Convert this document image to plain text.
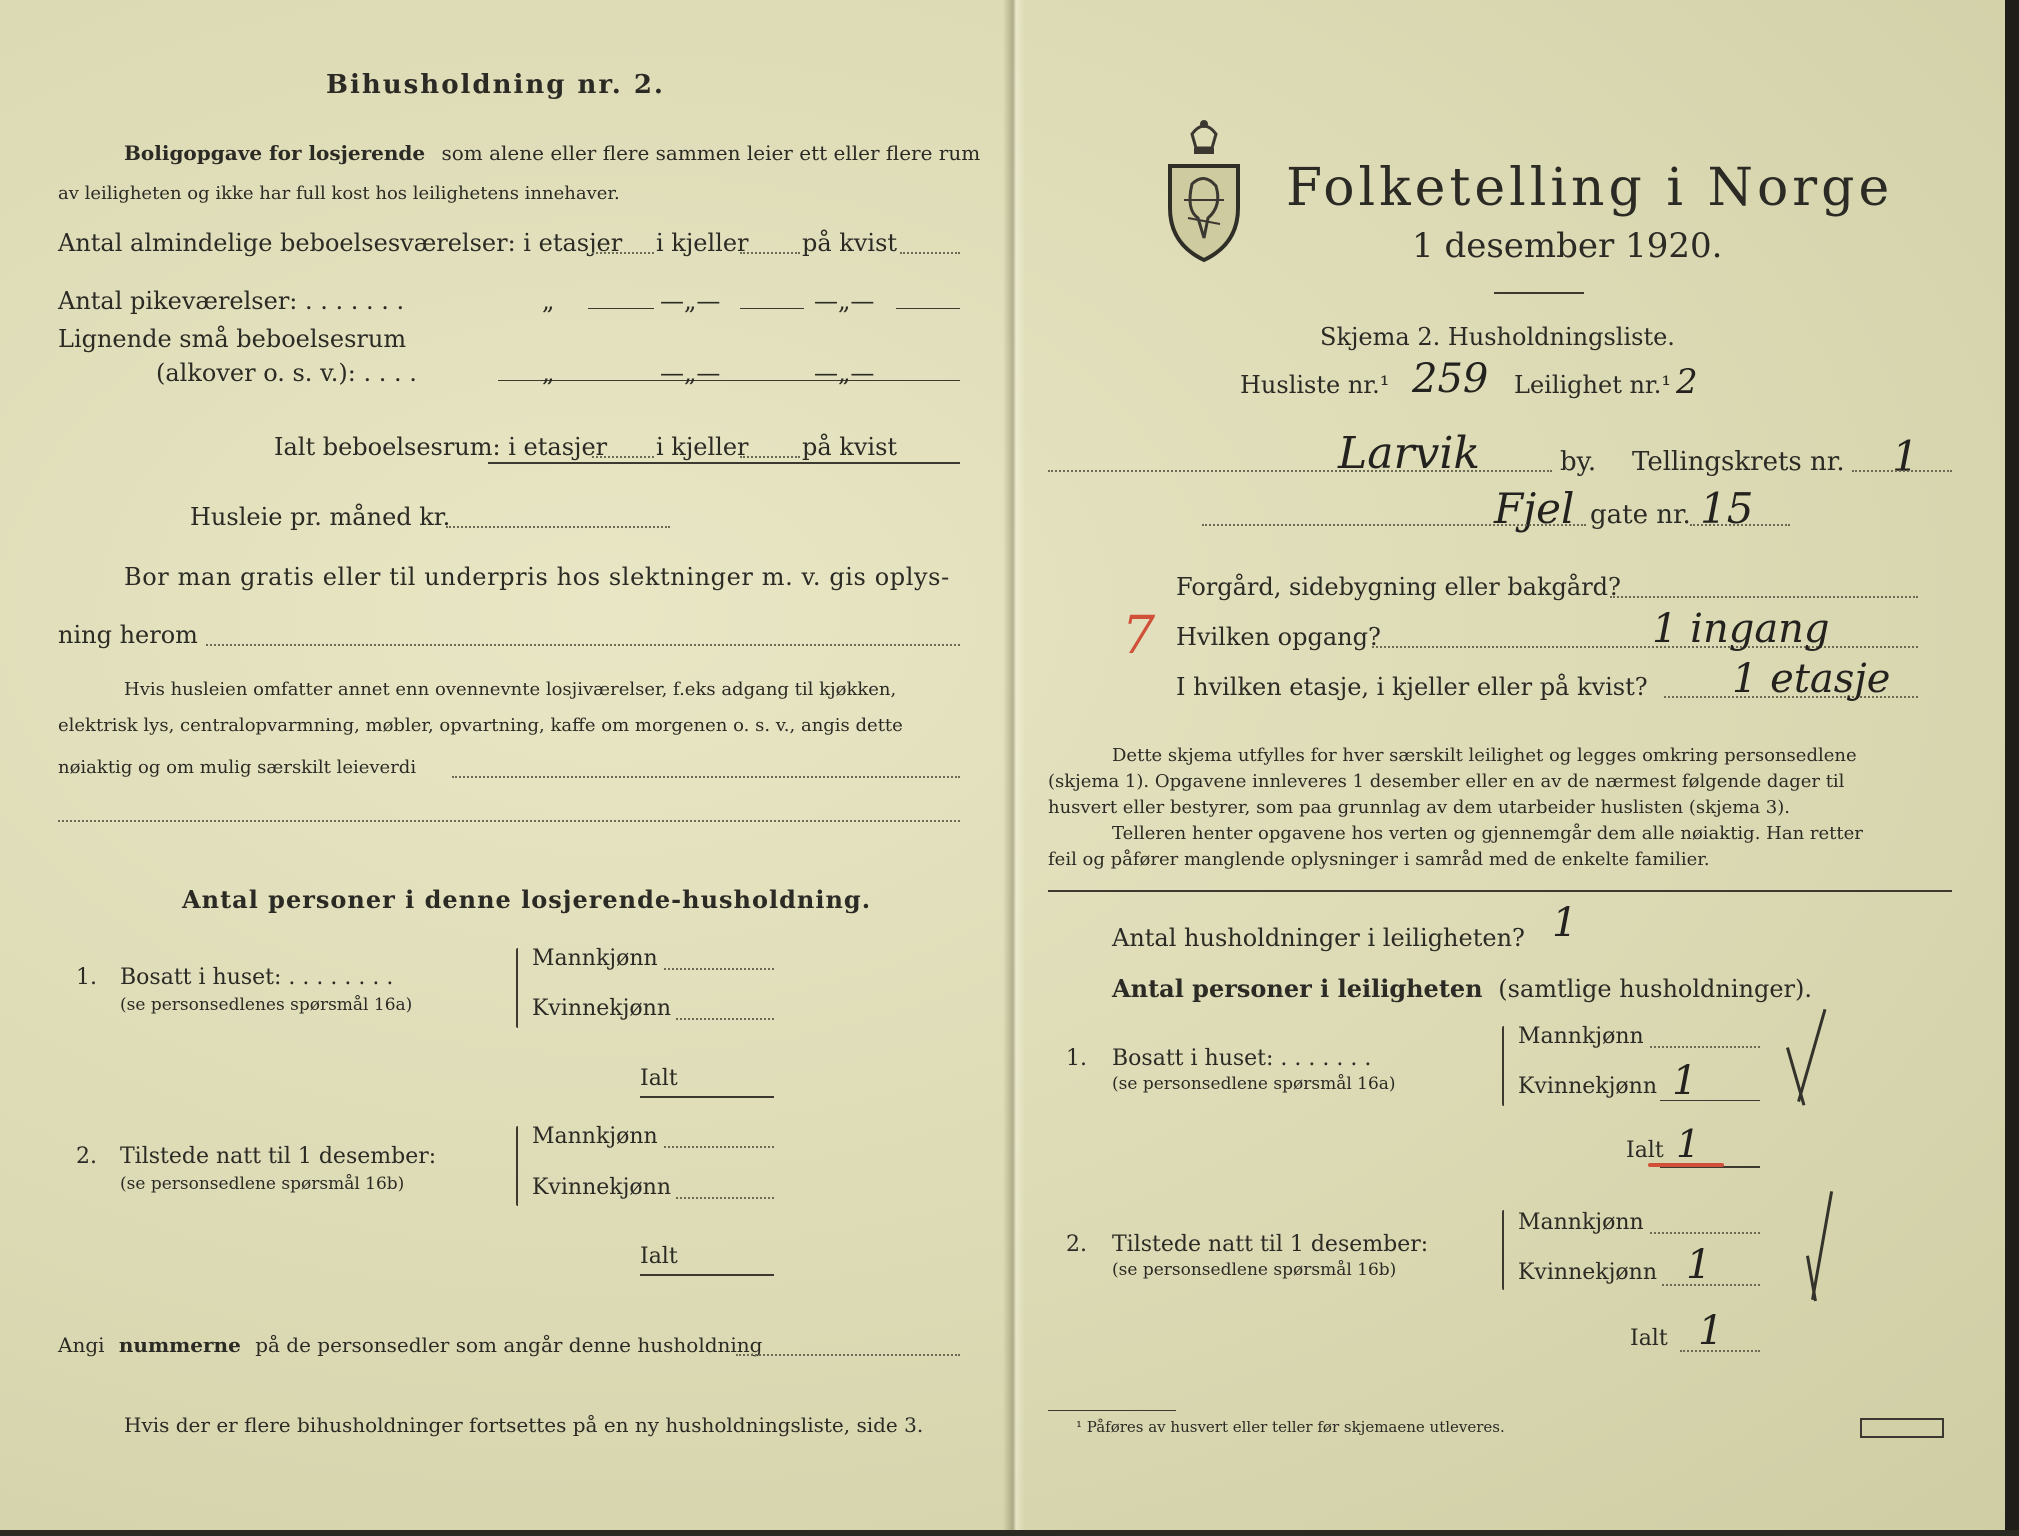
Bihusholdning nr. 2.
Boligopgave for losjerende som alene eller flere sammen leier ett eller flere rum
av leiligheten og ikke har full kost hos leilighetens innehaver.
Antal almindelige beboelsesværelser: i etasjer i kjeller på kvist
Antal pikeværelser: . . . . . . .	„	—„—	—„—
Lignende små beboelsesrum
(alkover o. s. v.): . . . .	„	—„—	—„—
Ialt beboelsesrum: i etasjer i kjeller på kvist
Husleie pr. måned kr.
Bor man gratis eller til underpris hos slektninger m. v. gis oplys-
ning herom
Hvis husleien omfatter annet enn ovennevnte losjiværelser, f.eks adgang til kjøkken,
elektrisk lys, centralopvarmning, møbler, opvartning, kaffe om morgenen o. s. v., angis dette
nøiaktig og om mulig særskilt leieverdi
Antal personer i denne losjerende-husholdning.
1. Bosatt i huset: . . . . . . . .
(se personsedlenes spørsmål 16a)
Mannkjønn
Kvinnekjønn
Ialt
2. Tilstede natt til 1 desember:
(se personsedlene spørsmål 16b)
Mannkjønn
Kvinnekjønn
Ialt
Angi nummerne på de personsedler som angår denne husholdning
Hvis der er flere bihusholdninger fortsettes på en ny husholdningsliste, side 3.
Folketelling i Norge
1 desember 1920.
Skjema 2. Husholdningsliste.
Husliste nr.¹ 259 Leilighet nr.¹ 2
Larvik	by. Tellingskrets nr. 1
Fjel gate nr. 15
Forgård, sidebygning eller bakgård?
7 Hvilken opgang?	1 ingang
I hvilken etasje, i kjeller eller på kvist? 1 etasje
Dette skjema utfylles for hver særskilt leilighet og legges omkring personsedlene
(skjema 1). Opgavene innleveres 1 desember eller en av de nærmest følgende dager til
husvert eller bestyrer, som paa grunnlag av dem utarbeider huslisten (skjema 3).
Telleren henter opgavene hos verten og gjennemgår dem alle nøiaktig. Han retter
feil og påfører manglende oplysninger i samråd med de enkelte familier.
Antal husholdninger i leiligheten? 1
Antal personer i leiligheten (samtlige husholdninger).
1. Bosatt i huset: . . . . . . .
(se personsedlene spørsmål 16a)
Mannkjønn
Kvinnekjønn 1
Ialt 1
2. Tilstede natt til 1 desember:
(se personsedlene spørsmål 16b)
Mannkjønn
Kvinnekjønn 1
Ialt 1
¹ Påføres av husvert eller teller før skjemaene utleveres.
